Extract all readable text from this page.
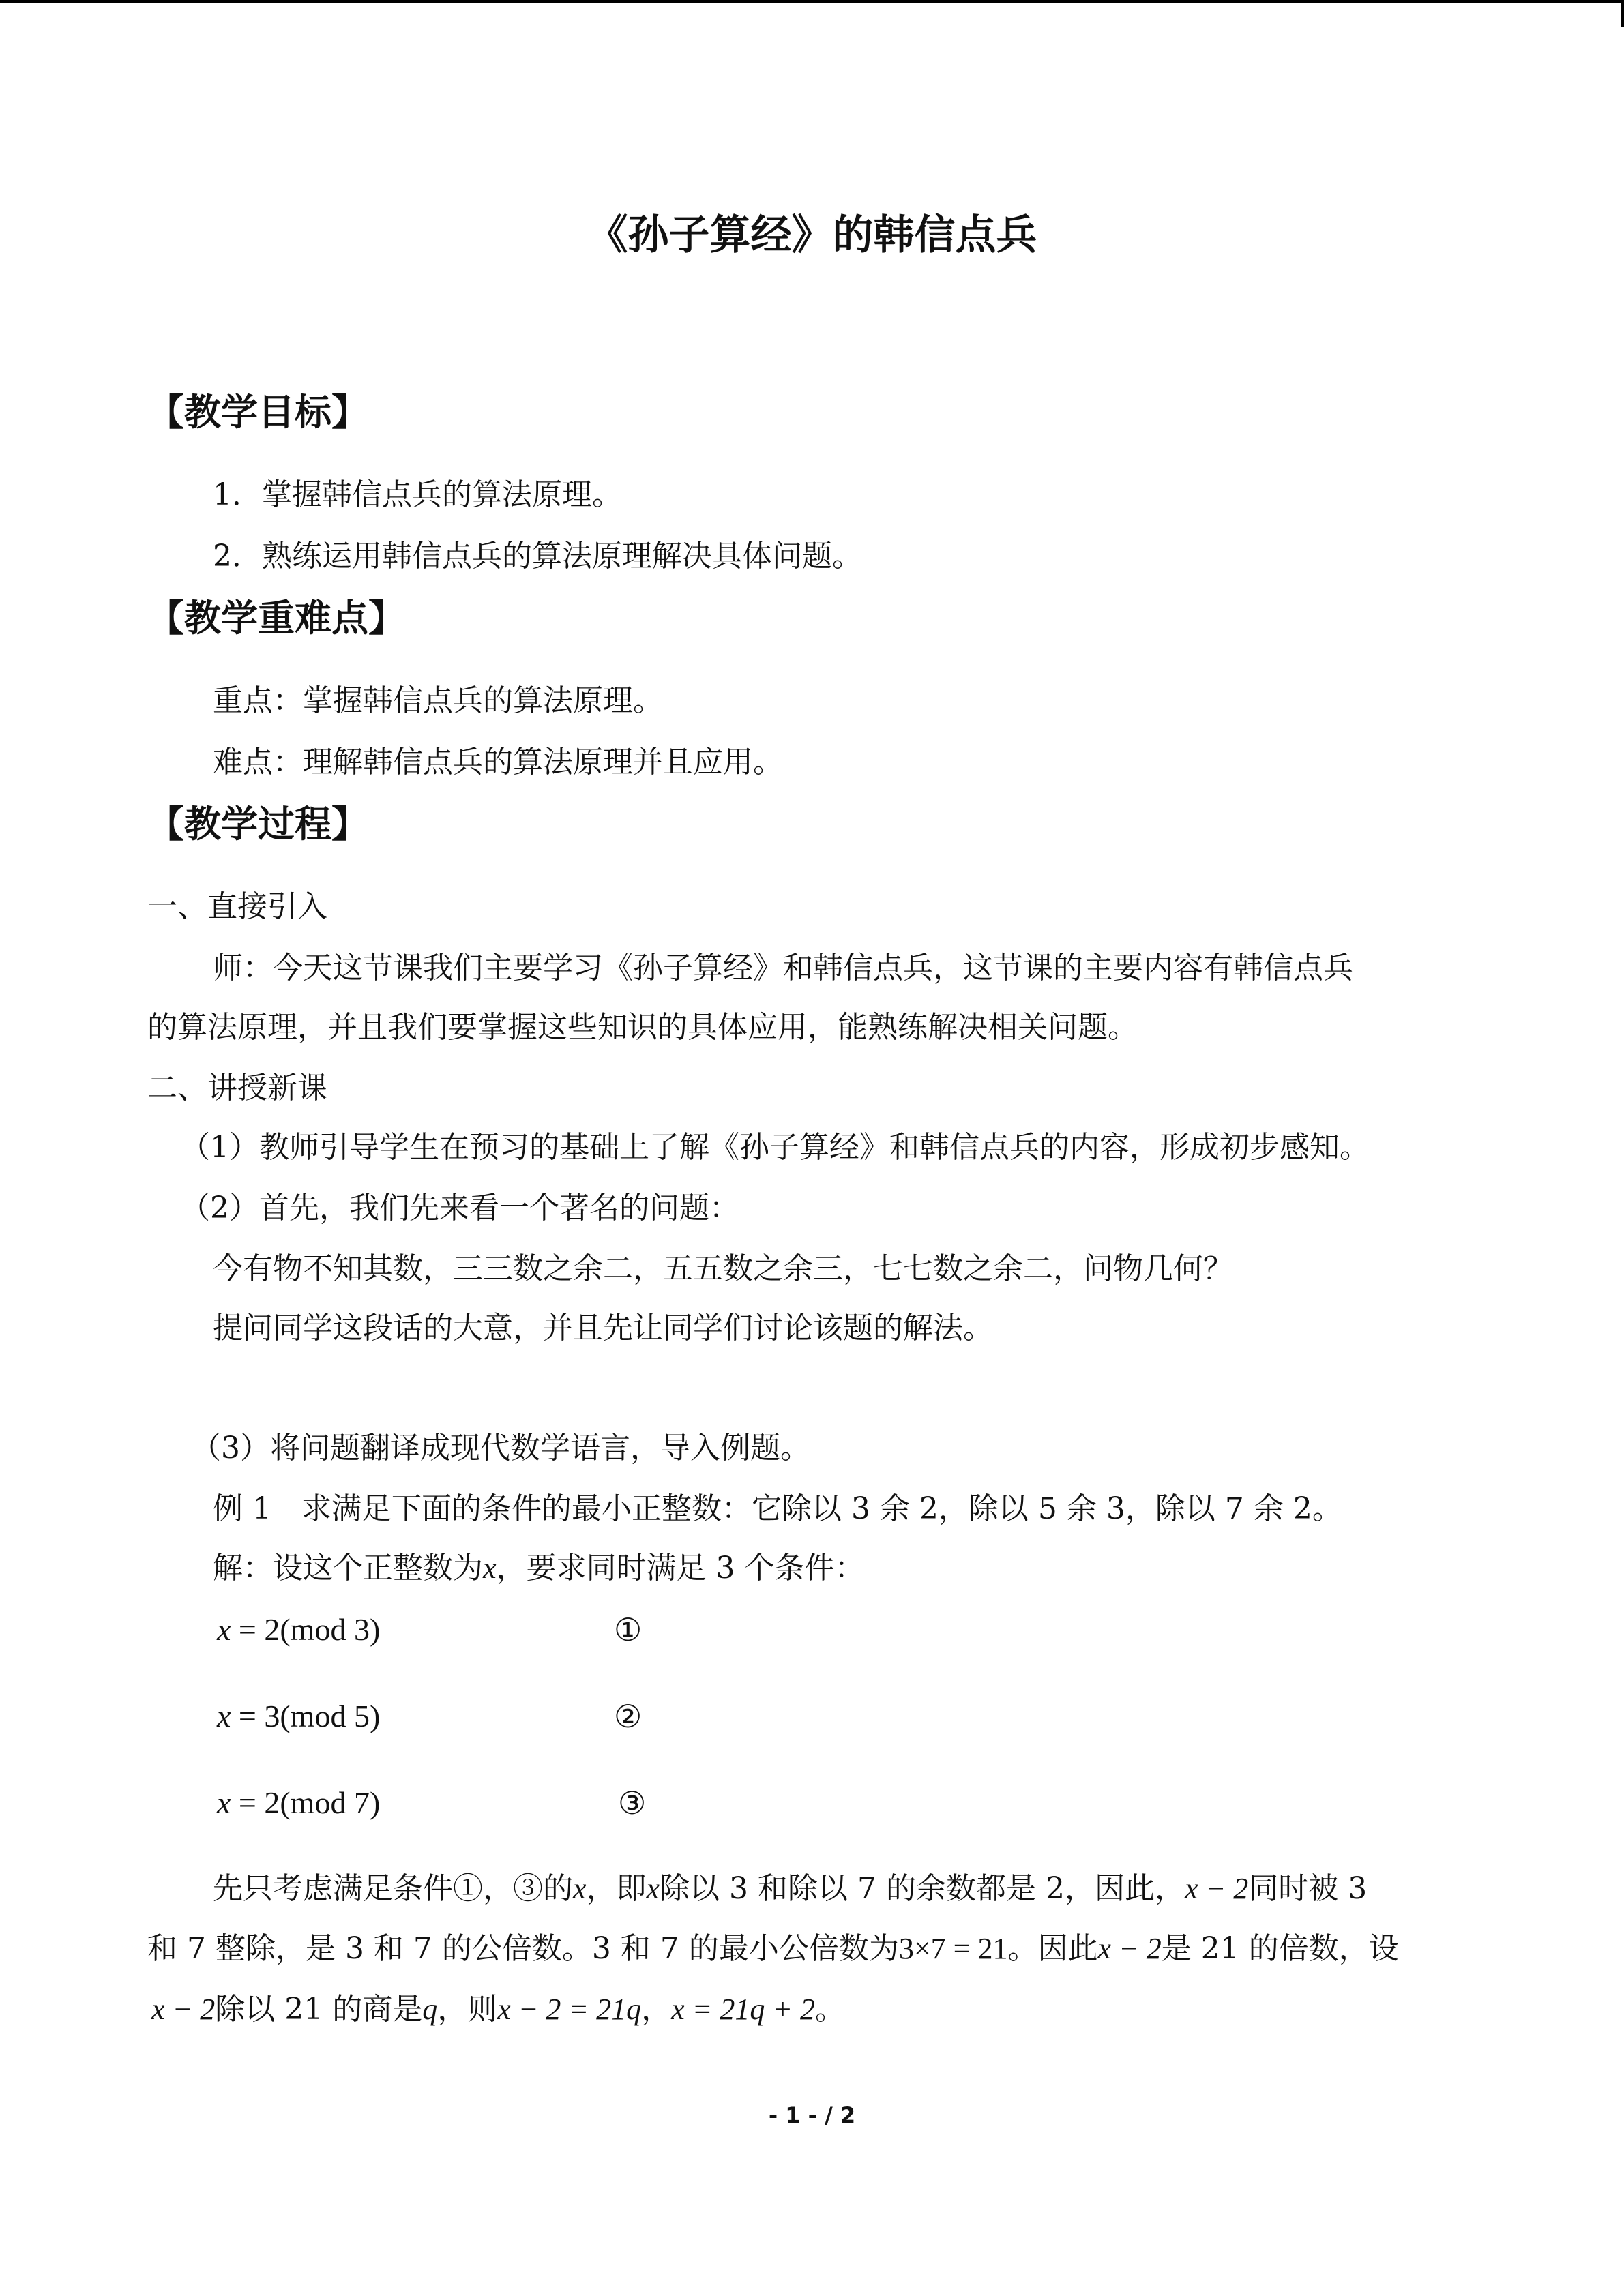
《孙子算经》的韩信点兵
【教学目标】
1．掌握韩信点兵的算法原理。
2．熟练运用韩信点兵的算法原理解决具体问题。
【教学重难点】
重点：掌握韩信点兵的算法原理。
难点：理解韩信点兵的算法原理并且应用。
【教学过程】
一、直接引入
师：今天这节课我们主要学习《孙子算经》和韩信点兵，这节课的主要内容有韩信点兵
的算法原理，并且我们要掌握这些知识的具体应用，能熟练解决相关问题。
二、讲授新课
（1）教师引导学生在预习的基础上了解《孙子算经》和韩信点兵的内容，形成初步感知。
（2）首先，我们先来看一个著名的问题：
今有物不知其数，三三数之余二，五五数之余三，七七数之余二，问物几何？
提问同学这段话的大意，并且先让同学们讨论该题的解法。
（3）将问题翻译成现代数学语言，导入例题。
例 1　求满足下面的条件的最小正整数：它除以 3 余 2，除以 5 余 3，除以 7 余 2。
解：设这个正整数为x，要求同时满足 3 个条件：
x = 2(mod 3)	①
x = 3(mod 5)	②
x = 2(mod 7)	③
先只考虑满足条件①，③的x，即x除以 3 和除以 7 的余数都是 2，因此，x − 2同时被 3
和 7 整除，是 3 和 7 的公倍数。3 和 7 的最小公倍数为3×7 = 21。因此x − 2是 21 的倍数，设
x − 2除以 21 的商是q，则x − 2 = 21q，x = 21q + 2。
- 1 - / 2
